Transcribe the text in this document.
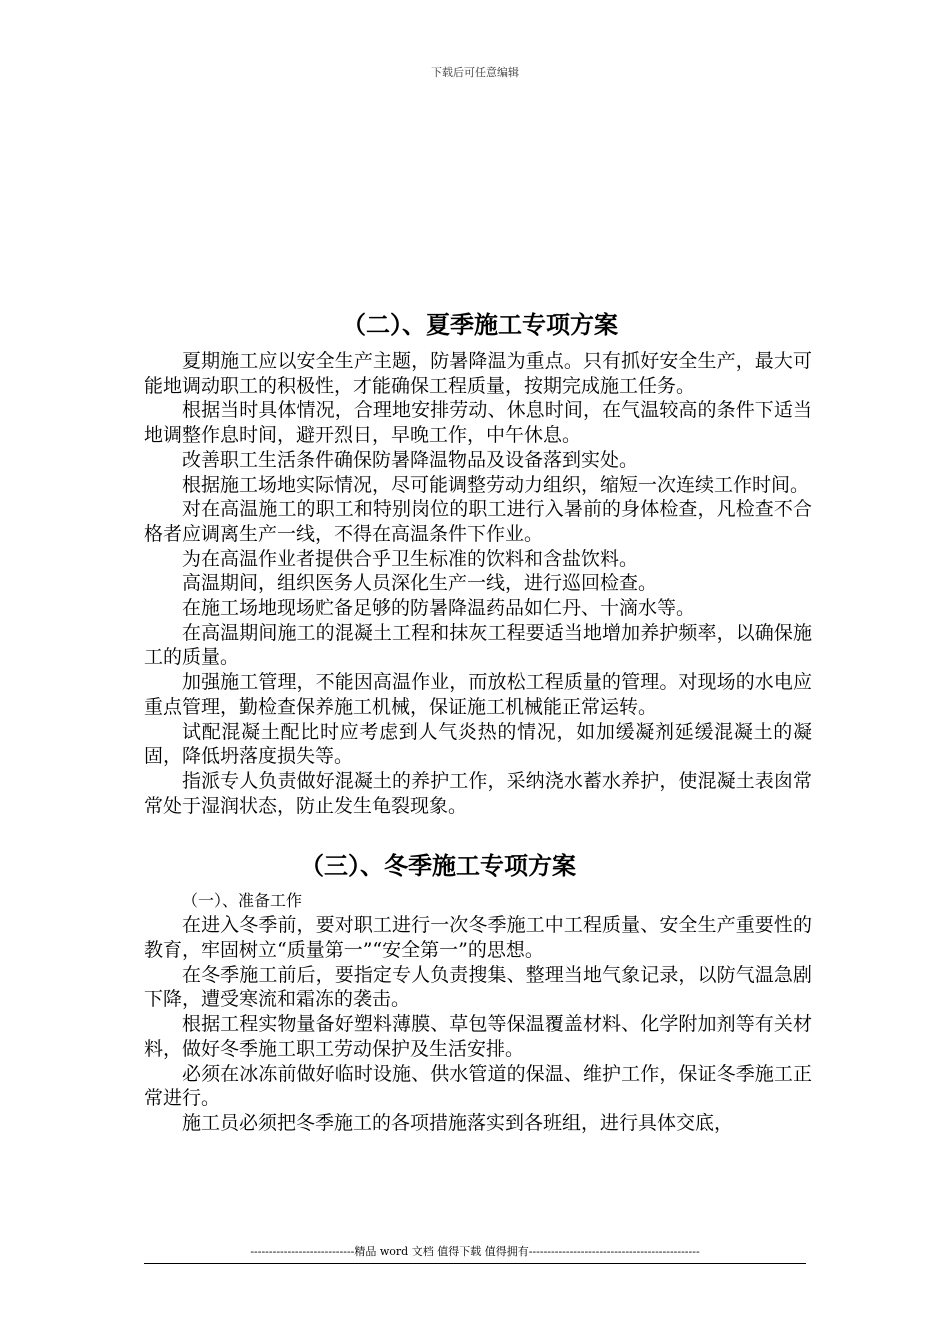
下载后可任意编辑
（二）、夏季施工专项方案

夏期施工应以安全生产主题，防暑降温为重点。只有抓好安全生产，最大可能地调动职工的积极性，才能确保工程质量，按期完成施工任务。

根据当时具体情况，合理地安排劳动、休息时间，在气温较高的条件下适当地调整作息时间，避开烈日，早晚工作，中午休息。

改善职工生活条件确保防暑降温物品及设备落到实处。

根据施工场地实际情况，尽可能调整劳动力组织，缩短一次连续工作时间。

对在高温施工的职工和特别岗位的职工进行入暑前的身体检查，凡检查不合格者应调离生产一线，不得在高温条件下作业。

为在高温作业者提供合乎卫生标准的饮料和含盐饮料。

高温期间，组织医务人员深化生产一线，进行巡回检查。

在施工场地现场贮备足够的防暑降温药品如仁丹、十滴水等。

在高温期间施工的混凝土工程和抹灰工程要适当地增加养护频率，以确保施工的质量。

加强施工管理，不能因高温作业，而放松工程质量的管理。对现场的水电应重点管理，勤检查保养施工机械，保证施工机械能正常运转。

试配混凝土配比时应考虑到人气炎热的情况，如加缓凝剂延缓混凝土的凝固，降低坍落度损失等。

指派专人负责做好混凝土的养护工作，采纳浇水蓄水养护，使混凝土表囱常常处于湿润状态，防止发生龟裂现象。

（三）、冬季施工专项方案

（一）、准备工作

在进入冬季前，要对职工进行一次冬季施工中工程质量、安全生产重要性的教育，牢固树立“质量第一”“安全第一”的思想。

在冬季施工前后，要指定专人负责搜集、整理当地气象记录，以防气温急剧下降，遭受寒流和霜冻的袭击。

根据工程实物量备好塑料薄膜、草包等保温覆盖材料、化学附加剂等有关材料，做好冬季施工职工劳动保护及生活安排。

必须在冰冻前做好临时设施、供水管道的保温、维护工作，保证冬季施工正常进行。

施工员必须把冬季施工的各项措施落实到各班组，进行具体交底，

----------------------------精品 word 文档 值得下载 值得拥有----------------------------------------------
